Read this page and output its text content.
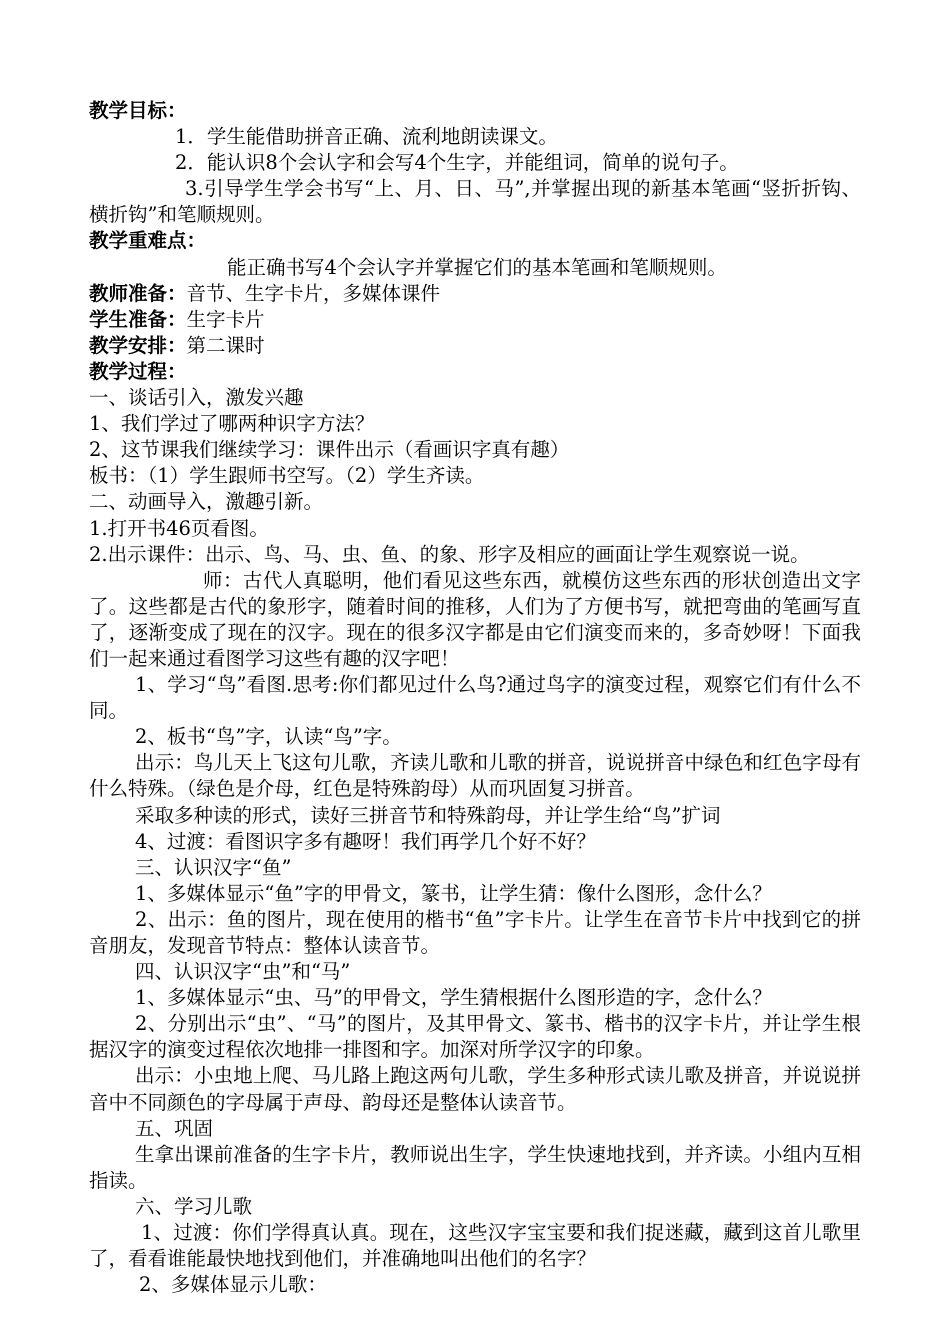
教学目标：
1．学生能借助拼音正确、流利地朗读课文。
2．能认识8个会认字和会写4个生字，并能组词，简单的说句子。
3.引导学生学会书写“上、月、日、马”,并掌握出现的新基本笔画“竖折折钩、横折钩”和笔顺规则。
教学重难点：
能正确书写4个会认字并掌握它们的基本笔画和笔顺规则。
教师准备：音节、生字卡片，多媒体课件
学生准备：生字卡片
教学安排：第二课时
教学过程：
一、谈话引入，激发兴趣
1、我们学过了哪两种识字方法？
2、这节课我们继续学习：课件出示（看画识字真有趣）
板书：（1）学生跟师书空写。（2）学生齐读。
二、动画导入，激趣引新。
1.打开书46页看图。
2.出示课件：出示、鸟、马、虫、鱼、的象、形字及相应的画面让学生观察说一说。
师：古代人真聪明，他们看见这些东西，就模仿这些东西的形状创造出文字了。这些都是古代的象形字，随着时间的推移，人们为了方便书写，就把弯曲的笔画写直了，逐渐变成了现在的汉字。现在的很多汉字都是由它们演变而来的，多奇妙呀！下面我们一起来通过看图学习这些有趣的汉字吧！
1、学习“鸟”看图.思考:你们都见过什么鸟?通过鸟字的演变过程，观察它们有什么不同。
2、板书“鸟”字，认读“鸟”字。
出示：鸟儿天上飞这句儿歌，齐读儿歌和儿歌的拼音，说说拼音中绿色和红色字母有什么特殊。（绿色是介母，红色是特殊韵母）从而巩固复习拼音。
采取多种读的形式，读好三拼音节和特殊韵母，并让学生给“鸟”扩词
4、过渡：看图识字多有趣呀！我们再学几个好不好？
三、认识汉字“鱼”
1、多媒体显示“鱼”字的甲骨文，篆书，让学生猜：像什么图形，念什么？
2、出示：鱼的图片，现在使用的楷书“鱼”字卡片。让学生在音节卡片中找到它的拼音朋友，发现音节特点：整体认读音节。
四、认识汉字“虫”和“马”
1、多媒体显示“虫、马”的甲骨文，学生猜根据什么图形造的字，念什么？
2、分别出示“虫”、“马”的图片，及其甲骨文、篆书、楷书的汉字卡片，并让学生根据汉字的演变过程依次地排一排图和字。加深对所学汉字的印象。
出示：小虫地上爬、马儿路上跑这两句儿歌，学生多种形式读儿歌及拼音，并说说拼音中不同颜色的字母属于声母、韵母还是整体认读音节。
五、巩固
生拿出课前准备的生字卡片，教师说出生字，学生快速地找到，并齐读。小组内互相指读。
六、学习儿歌
1、过渡：你们学得真认真。现在，这些汉字宝宝要和我们捉迷藏，藏到这首儿歌里了，看看谁能最快地找到他们，并准确地叫出他们的名字？
2、多媒体显示儿歌：
